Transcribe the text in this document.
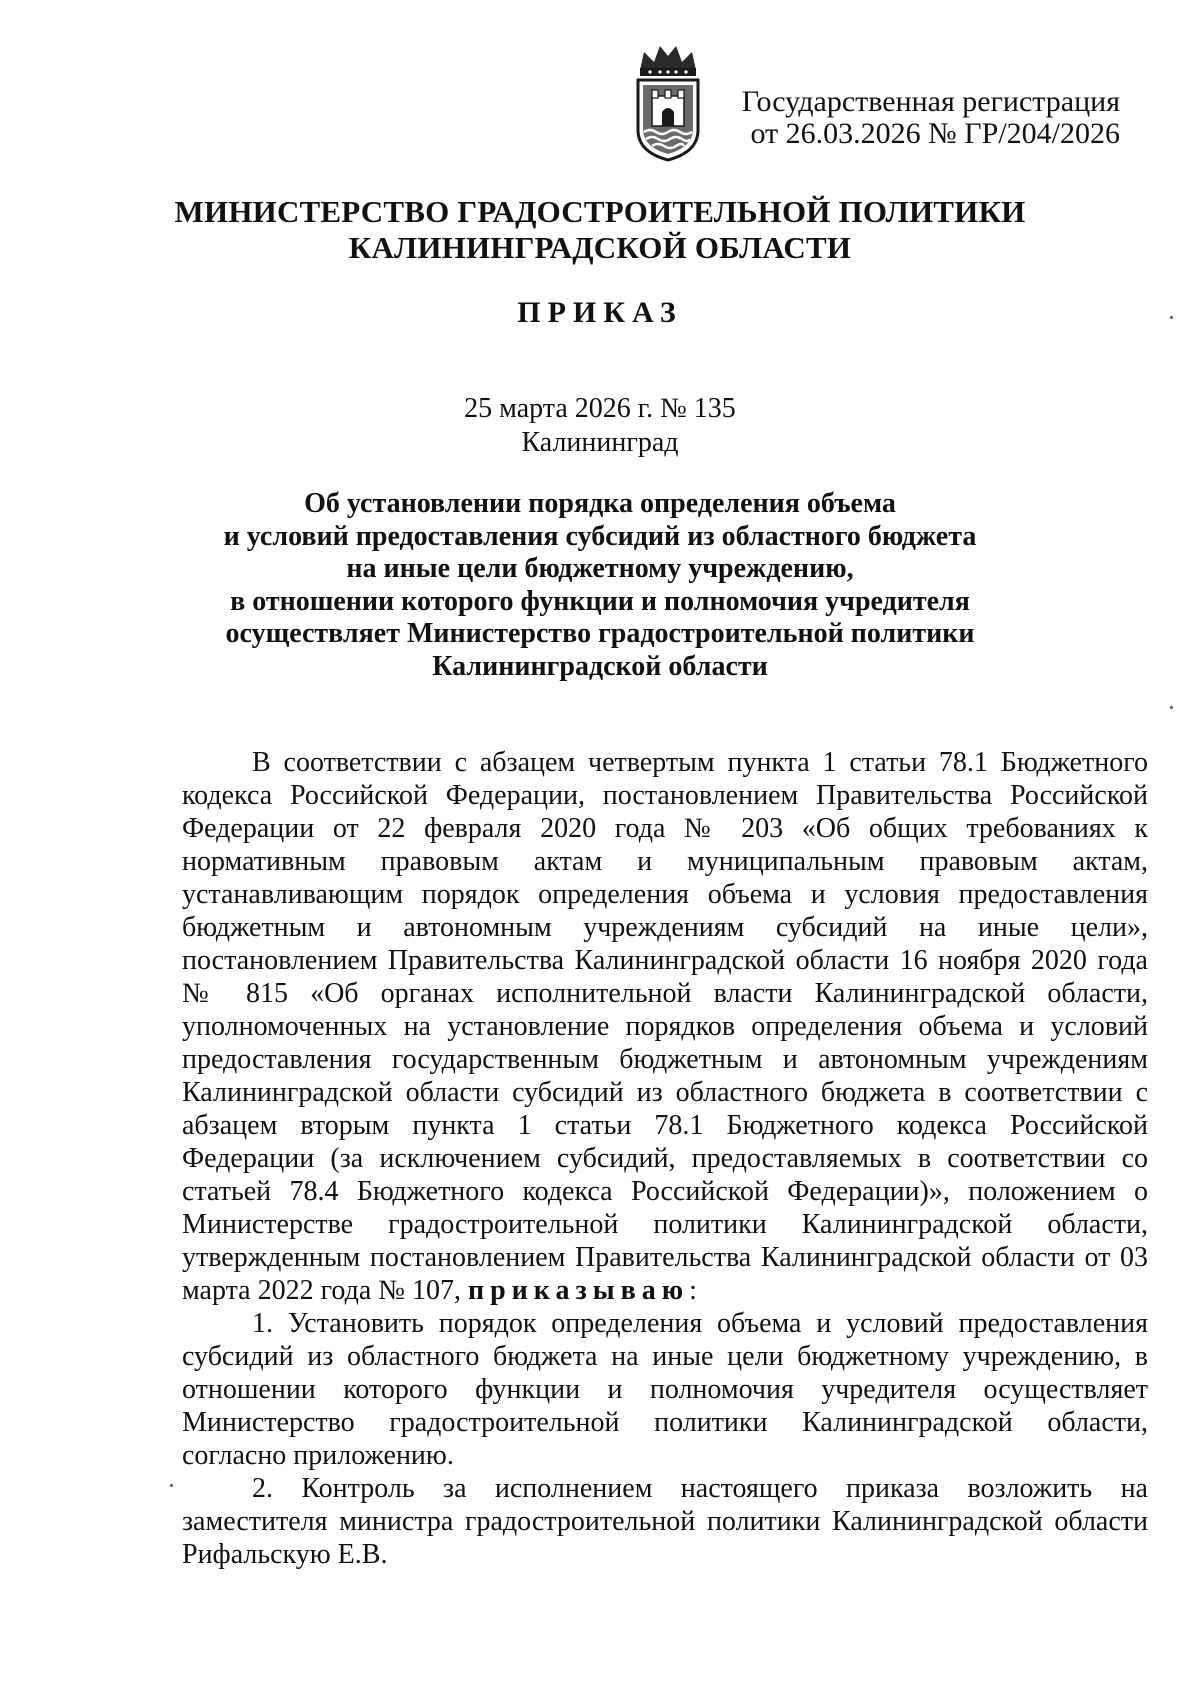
Государственная регистрация
от 26.03.2026 № ГР/204/2026
МИНИСТЕРСТВО ГРАДОСТРОИТЕЛЬНОЙ ПОЛИТИКИ
КАЛИНИНГРАДСКОЙ ОБЛАСТИ
ПРИКАЗ
25 марта 2026 г. № 135
Калининград
Об установлении порядка определения объема
и условий предоставления субсидий из областного бюджета
на иные цели бюджетному учреждению,
в отношении которого функции и полномочия учредителя
осуществляет Министерство градостроительной политики
Калининградской области

В соответствии с абзацем четвертым пункта 1 статьи 78.1 Бюджетного кодекса Российской Федерации, постановлением Правительства Российской Федерации от 22 февраля 2020 года № 203 «Об общих требованиях к нормативным правовым актам и муниципальным правовым актам, устанавливающим порядок определения объема и условия предоставления бюджетным и автономным учреждениям субсидий на иные цели», постановлением Правительства Калининградской области 16 ноября 2020 года № 815 «Об органах исполнительной власти Калининградской области, уполномоченных на установление порядков определения объема и условий предоставления государственным бюджетным и автономным учреждениям Калининградской области субсидий из областного бюджета в соответствии с абзацем вторым пункта 1 статьи 78.1 Бюджетного кодекса Российской Федерации (за исключением субсидий, предоставляемых в соответствии со статьей 78.4 Бюджетного кодекса Российской Федерации)», положением о Министерстве градостроительной политики Калининградской области, утвержденным постановлением Правительства Калининградской области от 03 марта 2022 года № 107, приказываю:

1. Установить порядок определения объема и условий предоставления субсидий из областного бюджета на иные цели бюджетному учреждению, в отношении которого функции и полномочия учредителя осуществляет Министерство градостроительной политики Калининградской области, согласно приложению.

2. Контроль за исполнением настоящего приказа возложить на заместителя министра градостроительной политики Калининградской области Рифальскую Е.В.
